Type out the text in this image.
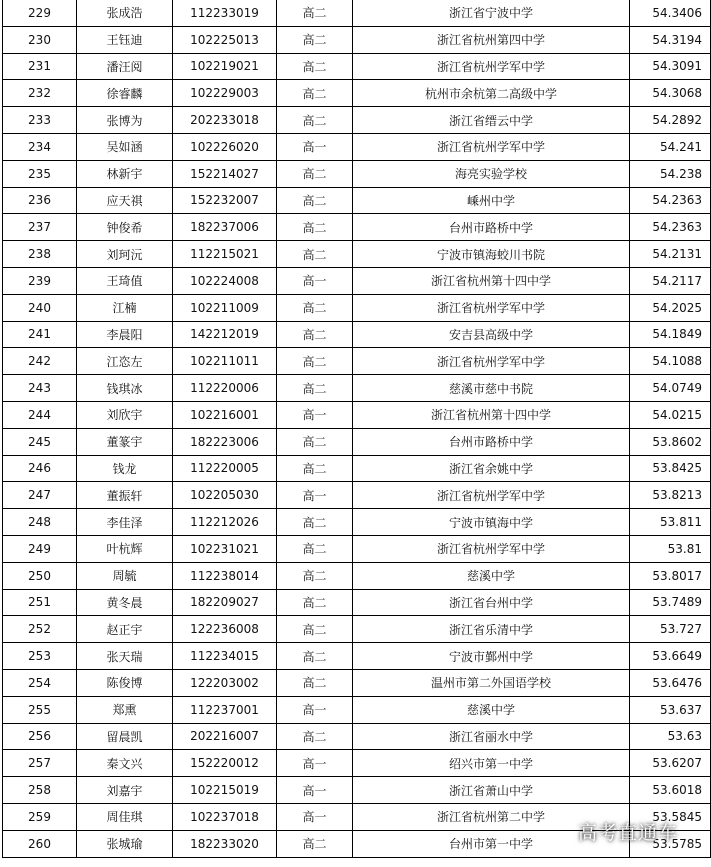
229	张成浩	112233019	高二	浙江省宁波中学	54.3406
230	王钰迪	102225013	高二	浙江省杭州第四中学	54.3194
231	潘汪阅	102219021	高二	浙江省杭州学军中学	54.3091
232	徐睿麟	102229003	高二	杭州市余杭第二高级中学	54.3068
233	张博为	202233018	高二	浙江省缙云中学	54.2892
234	吴如涵	102226020	高一	浙江省杭州学军中学	54.241
235	林新宇	152214027	高二	海亮实验学校	54.238
236	应天祺	152232007	高二	嵊州中学	54.2363
237	钟俊希	182237006	高二	台州市路桥中学	54.2363
238	刘珂沅	112215021	高二	宁波市镇海蛟川书院	54.2131
239	王琦值	102224008	高一	浙江省杭州第十四中学	54.2117
240	江楠	102211009	高二	浙江省杭州学军中学	54.2025
241	李晨阳	142212019	高二	安吉县高级中学	54.1849
242	江恣左	102211011	高二	浙江省杭州学军中学	54.1088
243	钱琪冰	112220006	高二	慈溪市慈中书院	54.0749
244	刘欣宇	102216001	高一	浙江省杭州第十四中学	54.0215
245	董篆宇	182223006	高二	台州市路桥中学	53.8602
246	钱龙	112220005	高二	浙江省余姚中学	53.8425
247	董振轩	102205030	高一	浙江省杭州学军中学	53.8213
248	李佳泽	112212026	高二	宁波市镇海中学	53.811
249	叶杭辉	102231021	高二	浙江省杭州学军中学	53.81
250	周毓	112238014	高二	慈溪中学	53.8017
251	黄冬晨	182209027	高二	浙江省台州中学	53.7489
252	赵正宇	122236008	高二	浙江省乐清中学	53.727
253	张天瑞	112234015	高二	宁波市鄞州中学	53.6649
254	陈俊博	122203002	高二	温州市第二外国语学校	53.6476
255	郑熏	112237001	高一	慈溪中学	53.637
256	留晨凯	202216007	高二	浙江省丽水中学	53.63
257	秦文兴	152220012	高一	绍兴市第一中学	53.6207
258	刘嘉宇	102215019	高一	浙江省萧山中学	53.6018
259	周佳琪	102237018	高一	浙江省杭州第二中学	53.5845
260	张城瑜	182233020	高二	台州市第一中学	53.5785
高考直通车
